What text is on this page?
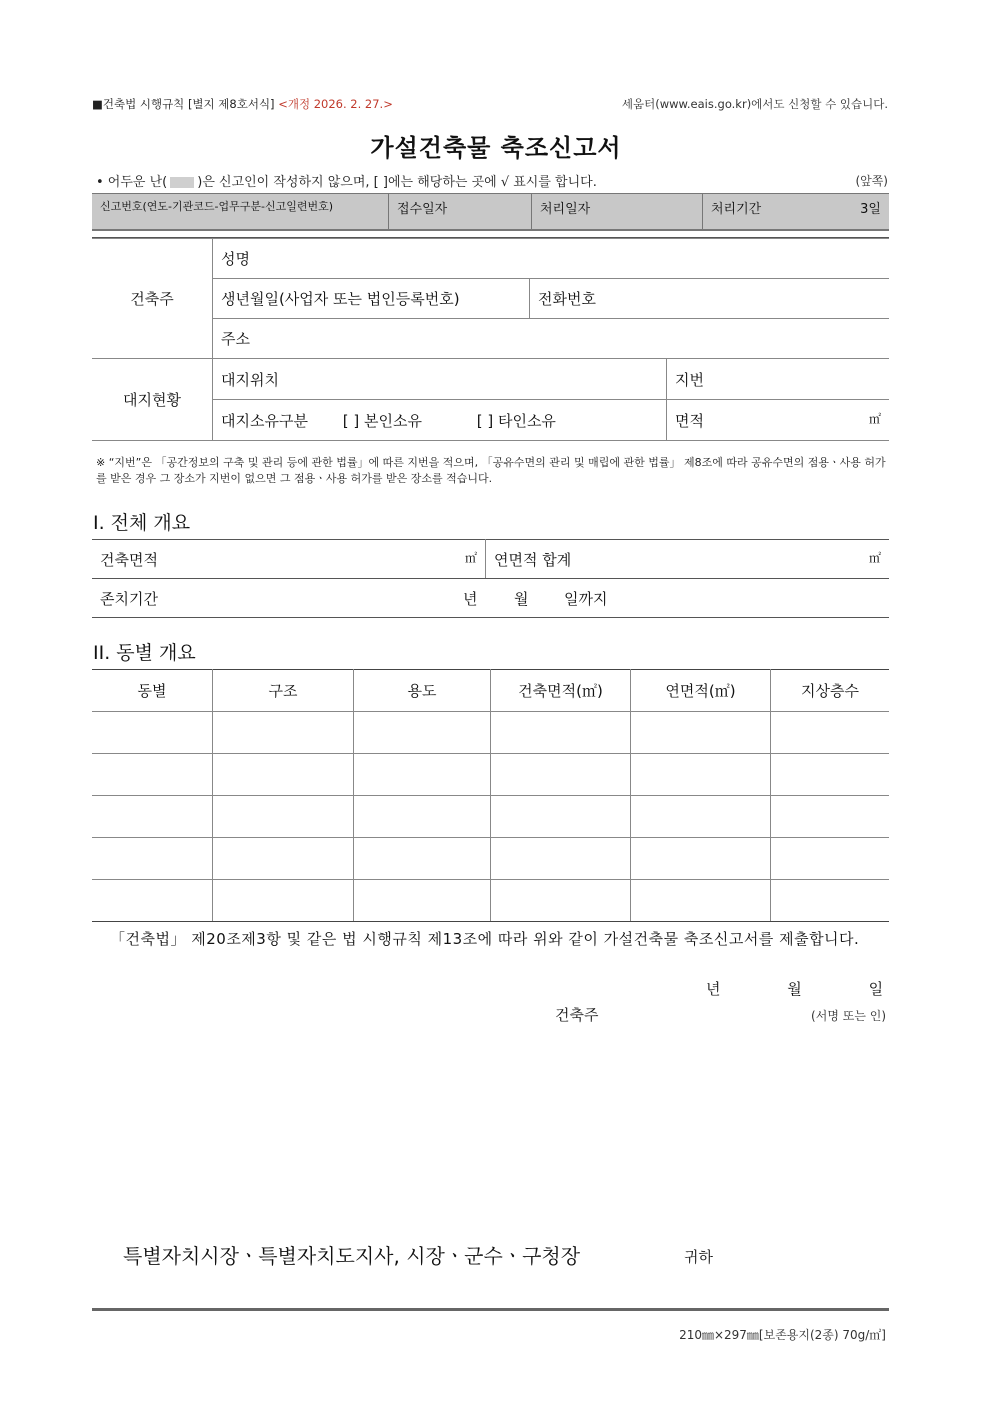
■건축법 시행규칙 [별지 제8호서식] <개정 2026. 2. 27.>	세움터(www.eais.go.kr)에서도 신청할 수 있습니다.
가설건축물 축조신고서
• 어두운 난( )은 신고인이 작성하지 않으며, [ ]에는 해당하는 곳에 √ 표시를 합니다.	(앞쪽)
신고번호(연도-기관코드-업무구분-신고일련번호)	접수일자	처리일자	처리기간	3일
건축주	성명		
	생년월일(사업자 또는 법인등록번호)	전화번호	
	주소		
대지현황	대지위치		지번
	대지소유구분 [ ] 본인소유 [ ] 타인소유		면적 ㎡
※ “지번”은 「공간정보의 구축 및 관리 등에 관한 법률」에 따른 지번을 적으며, 「공유수면의 관리 및 매립에 관한 법률」 제8조에 따라 공유수면의 점용ㆍ사용 허가를 받은 경우 그 장소가 지번이 없으면 그 점용ㆍ사용 허가를 받은 장소를 적습니다.
I. 전체 개요
건축면적	㎡	연면적 합계	㎡

존치기간	년 월 일까지
II. 동별 개요
동별	구조	용도	건축면적(㎡)	연면적(㎡)	지상층수

「건축법」 제20조제3항 및 같은 법 시행규칙 제13조에 따라 위와 같이 가설건축물 축조신고서를 제출합니다.
년	월	일
건축주	(서명 또는 인)
특별자치시장ㆍ특별자치도지사, 시장ㆍ군수ㆍ구청장	귀하
210㎜×297㎜[보존용지(2종) 70g/㎡]
